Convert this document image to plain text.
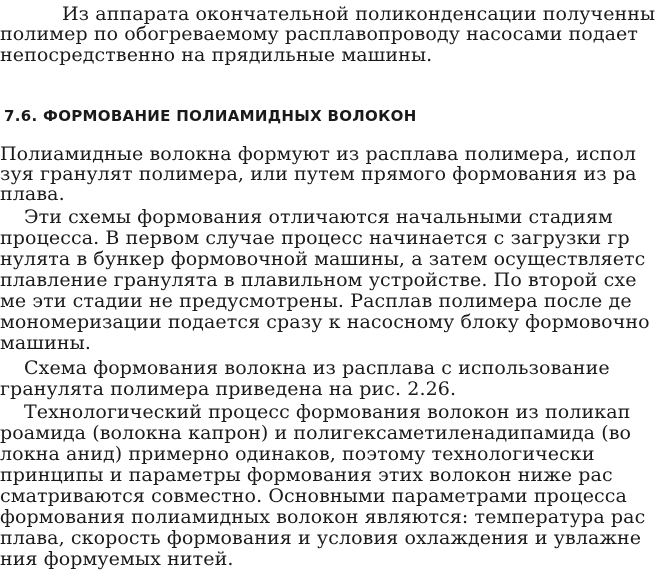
Из аппарата окончательной поликонденсации полученны
полимер по обогреваемому расплавопроводу насосами подает
непосредственно на прядильные машины.
7.6. ФОРМОВАНИЕ ПОЛИАМИДНЫХ ВОЛОКОН
Полиамидные волокна формуют из расплава полимера, испол
зуя гранулят полимера, или путем прямого формования из ра
плава.
Эти схемы формования отличаются начальными стадиям
процесса. В первом случае процесс начинается с загрузки гр
нулята в бункер формовочной машины, а затем осуществляетс
плавление гранулята в плавильном устройстве. По второй схе
ме эти стадии не предусмотрены. Расплав полимера после де
мономеризации подается сразу к насосному блоку формовочно
машины.
Схема формования волокна из расплава с использование
гранулята полимера приведена на рис. 2.26.
Технологический процесс формования волокон из поликап
роамида (волокна капрон) и полигексаметиленадипамида (во
локна анид) примерно одинаков, поэтому технологически
принципы и параметры формования этих волокон ниже рас
сматриваются совместно. Основными параметрами процесса
формования полиамидных волокон являются: температура рас
плава, скорость формования и условия охлаждения и увлажне
ния формуемых нитей.
